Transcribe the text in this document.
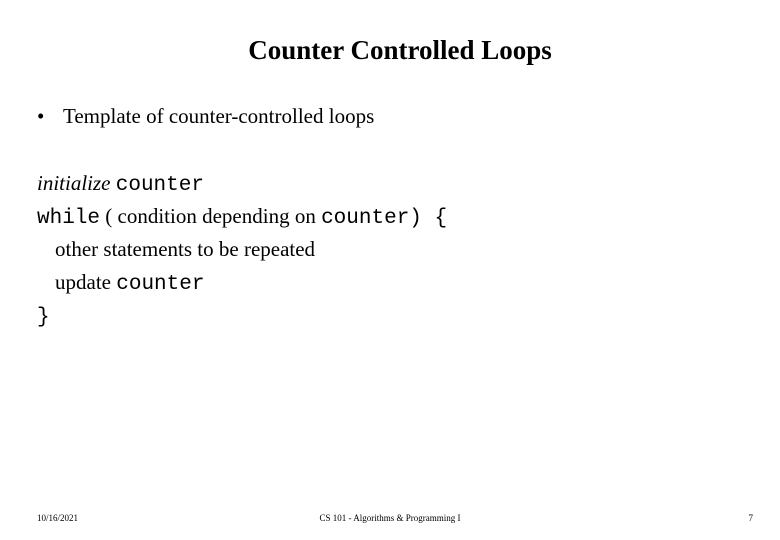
Counter Controlled Loops
• Template of counter-controlled loops
initialize counter
while ( condition depending on counter) {
other statements to be repeated
update counter
}
10/16/2021	CS 101 - Algorithms & Programming I	7
